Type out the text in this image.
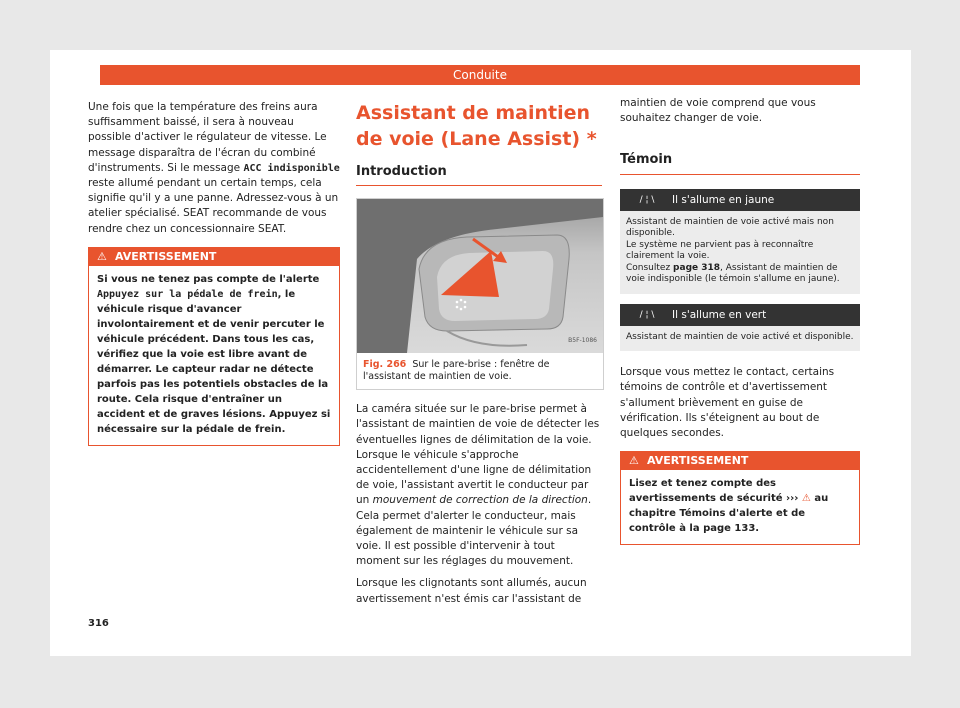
Conduite

Une fois que la température des freins aura suffisamment baissé, il sera à nouveau possible d'activer le régulateur de vitesse. Le message disparaîtra de l'écran du combiné d'instruments. Si le message ACC indisponible reste allumé pendant un certain temps, cela signifie qu'il y a une panne. Adressez-vous à un atelier spécialisé. SEAT recommande de vous rendre chez un concessionnaire SEAT.

⚠ AVERTISSEMENT
Si vous ne tenez pas compte de l'alerte Appuyez sur la pédale de frein, le véhicule risque d'avancer involontairement et de venir percuter le véhicule précédent. Dans tous les cas, vérifiez que la voie est libre avant de démarrer. Le capteur radar ne détecte parfois pas les potentiels obstacles de la route. Cela risque d'entraîner un accident et de graves lésions. Appuyez si nécessaire sur la pédale de frein.
Assistant de maintien de voie (Lane Assist) *
Introduction
B5F-1086
Fig. 266 Sur le pare-brise : fenêtre de l'assistant de maintien de voie.

La caméra située sur le pare-brise permet à l'assistant de maintien de voie de détecter les éventuelles lignes de délimitation de la voie. Lorsque le véhicule s'approche accidentellement d'une ligne de délimitation de voie, l'assistant avertit le conducteur par un mouvement de correction de la direction. Cela permet d'alerter le conducteur, mais également de maintenir le véhicule sur sa voie. Il est possible d'intervenir à tout moment sur les réglages du mouvement.

Lorsque les clignotants sont allumés, aucun avertissement n'est émis car l'assistant de

maintien de voie comprend que vous souhaitez changer de voie.

Témoin
/ ¦ \	Il s'allume en jaune
Assistant de maintien de voie activé mais non disponible.
Le système ne parvient pas à reconnaître clairement la voie.
Consultez page 318, Assistant de maintien de voie indisponible (le témoin s'allume en jaune).
/ ¦ \	Il s'allume en vert
Assistant de maintien de voie activé et disponible.

Lorsque vous mettez le contact, certains témoins de contrôle et d'avertissement s'allument brièvement en guise de vérification. Ils s'éteignent au bout de quelques secondes.

⚠ AVERTISSEMENT
Lisez et tenez compte des avertissements de sécurité ››› ⚠ au chapitre Témoins d'alerte et de contrôle à la page 133.
316
